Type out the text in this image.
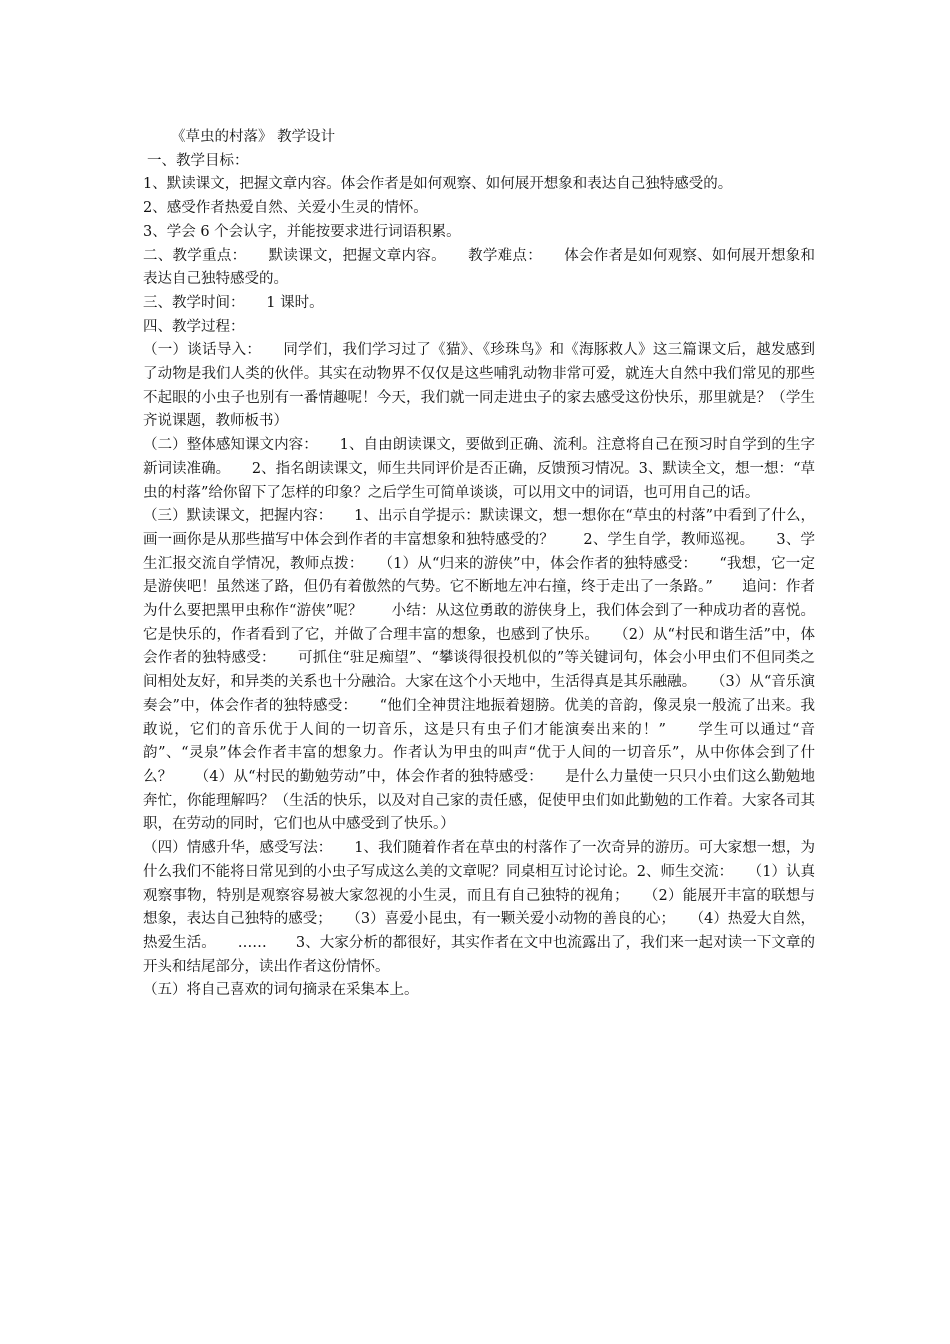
《草虫的村落》 教学设计

一、教学目标：

1、默读课文，把握文章内容。体会作者是如何观察、如何展开想象和表达自己独特感受的。

2、感受作者热爱自然、关爱小生灵的情怀。

3、学会 6 个会认字，并能按要求进行词语积累。

二、教学重点：　　默读课文，把握文章内容。　　教学难点：　　体会作者是如何观察、如何展开想象和表达自己独特感受的。

三、教学时间：　　1 课时。

四、教学过程：

（一）谈话导入：　　同学们，我们学习过了《猫》、《珍珠鸟》和《海豚救人》这三篇课文后，越发感到了动物是我们人类的伙伴。其实在动物界不仅仅是这些哺乳动物非常可爱，就连大自然中我们常见的那些不起眼的小虫子也别有一番情趣呢！今天，我们就一同走进虫子的家去感受这份快乐，那里就是？（学生齐说课题，教师板书）

（二）整体感知课文内容：　　1、自由朗读课文，要做到正确、流利。注意将自己在预习时自学到的生字新词读准确。　　2、指名朗读课文，师生共同评价是否正确，反馈预习情况。3、默读全文，想一想：“草虫的村落”给你留下了怎样的印象？之后学生可简单谈谈，可以用文中的词语，也可用自己的话。

（三）默读课文，把握内容：　　1、出示自学提示：默读课文，想一想你在“草虫的村落”中看到了什么，画一画你是从那些描写中体会到作者的丰富想象和独特感受的？　　2、学生自学，教师巡视。　　3、学生汇报交流自学情况，教师点拨：　　（1）从“归来的游侠”中，体会作者的独特感受：　　“我想，它一定是游侠吧！虽然迷了路，但仍有着傲然的气势。它不断地左冲右撞，终于走出了一条路。”　　追问：作者为什么要把黑甲虫称作“游侠”呢？　　小结：从这位勇敢的游侠身上，我们体会到了一种成功者的喜悦。它是快乐的，作者看到了它，并做了合理丰富的想象，也感到了快乐。　　（2）从“村民和谐生活”中，体会作者的独特感受：　　可抓住“驻足痴望”、“攀谈得很投机似的”等关键词句，体会小甲虫们不但同类之间相处友好，和异类的关系也十分融洽。大家在这个小天地中，生活得真是其乐融融。　　（3）从“音乐演奏会”中，体会作者的独特感受：　　“他们全神贯注地振着翅膀。优美的音韵，像灵泉一般流了出来。我敢说，它们的音乐优于人间的一切音乐，这是只有虫子们才能演奏出来的！”　　学生可以通过“音韵”、“灵泉”体会作者丰富的想象力。作者认为甲虫的叫声“优于人间的一切音乐”，从中你体会到了什么？　　（4）从“村民的勤勉劳动”中，体会作者的独特感受：　　是什么力量使一只只小虫们这么勤勉地奔忙，你能理解吗？（生活的快乐，以及对自己家的责任感，促使甲虫们如此勤勉的工作着。大家各司其职，在劳动的同时，它们也从中感受到了快乐。）

（四）情感升华，感受写法：　　1、我们随着作者在草虫的村落作了一次奇异的游历。可大家想一想，为什么我们不能将日常见到的小虫子写成这么美的文章呢？同桌相互讨论讨论。2、师生交流：　　（1）认真观察事物，特别是观察容易被大家忽视的小生灵，而且有自己独特的视角；　　（2）能展开丰富的联想与想象，表达自己独特的感受；　　（3）喜爱小昆虫，有一颗关爱小动物的善良的心；　　（4）热爱大自然，热爱生活。　　……　　3、大家分析的都很好，其实作者在文中也流露出了，我们来一起对读一下文章的开头和结尾部分，读出作者这份情怀。

（五）将自己喜欢的词句摘录在采集本上。
